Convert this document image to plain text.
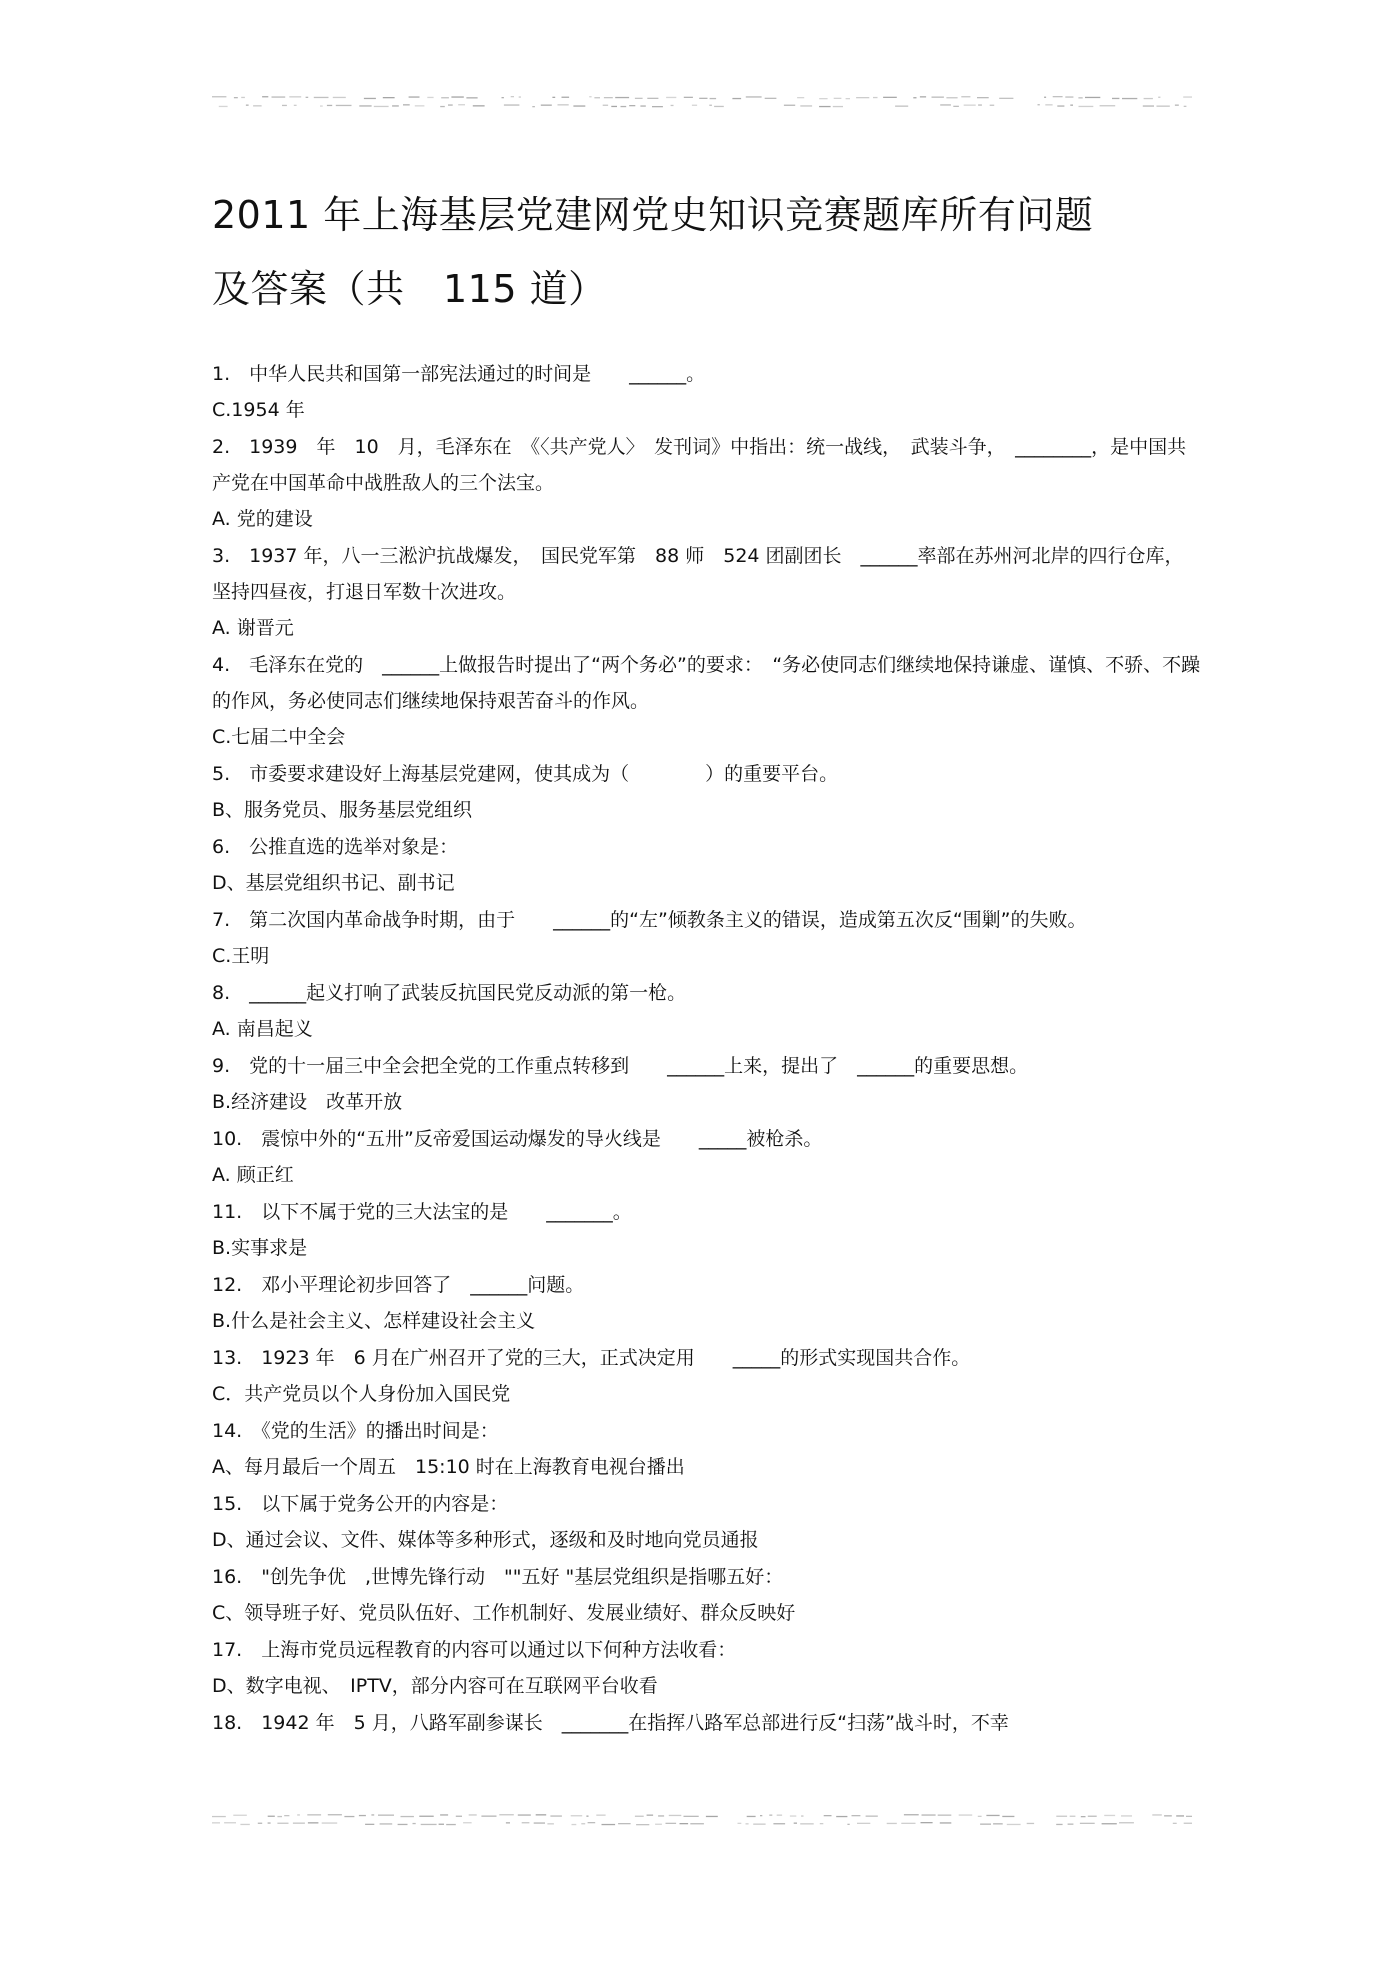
2011 年上海基层党建网党史知识竞赛题库所有问题
及答案（共　115 道）

1.　中华人民共和国第一部宪法通过的时间是　　______。

C.1954 年

2.　1939　年　10　月，毛泽东在　《〈共产党人〉　发刊词》中指出：统一战线，　武装斗争，　________，是中国共产党在中国革命中战胜敌人的三个法宝。

A. 党的建设

3.　1937 年，八一三淞沪抗战爆发，　国民党军第　88 师　524 团副团长　______率部在苏州河北岸的四行仓库，坚持四昼夜，打退日军数十次进攻。

A. 谢晋元

4.　毛泽东在党的　______上做报告时提出了“两个务必”的要求：　“务必使同志们继续地保持谦虚、谨慎、不骄、不躁的作风，务必使同志们继续地保持艰苦奋斗的作风。

C.七届二中全会

5.　市委要求建设好上海基层党建网，使其成为（　　　　）的重要平台。

B、服务党员、服务基层党组织

6.　公推直选的选举对象是：

D、基层党组织书记、副书记

7.　第二次国内革命战争时期，由于　　______的“左”倾教条主义的错误，造成第五次反“围剿”的失败。

C.王明

8.　______起义打响了武装反抗国民党反动派的第一枪。

A. 南昌起义

9.　党的十一届三中全会把全党的工作重点转移到　　______上来，提出了　______的重要思想。

B.经济建设　改革开放

10.　震惊中外的“五卅”反帝爱国运动爆发的导火线是　　_____被枪杀。

A. 顾正红

11.　以下不属于党的三大法宝的是　　_______。

B.实事求是

12.　邓小平理论初步回答了　______问题。

B.什么是社会主义、怎样建设社会主义

13.　1923 年　6 月在广州召开了党的三大，正式决定用　　_____的形式实现国共合作。

C．共产党员以个人身份加入国民党

14.　《党的生活》的播出时间是：

A、每月最后一个周五　15:10 时在上海教育电视台播出

15.　以下属于党务公开的内容是：

D、通过会议、文件、媒体等多种形式，逐级和及时地向党员通报

16.　"创先争优　,世博先锋行动　""五好 "基层党组织是指哪五好：

C、领导班子好、党员队伍好、工作机制好、发展业绩好、群众反映好

17.　上海市党员远程教育的内容可以通过以下何种方法收看：

D、数字电视、　IPTV，部分内容可在互联网平台收看

18.　1942 年　5 月，八路军副参谋长　_______在指挥八路军总部进行反“扫荡”战斗时，不幸
